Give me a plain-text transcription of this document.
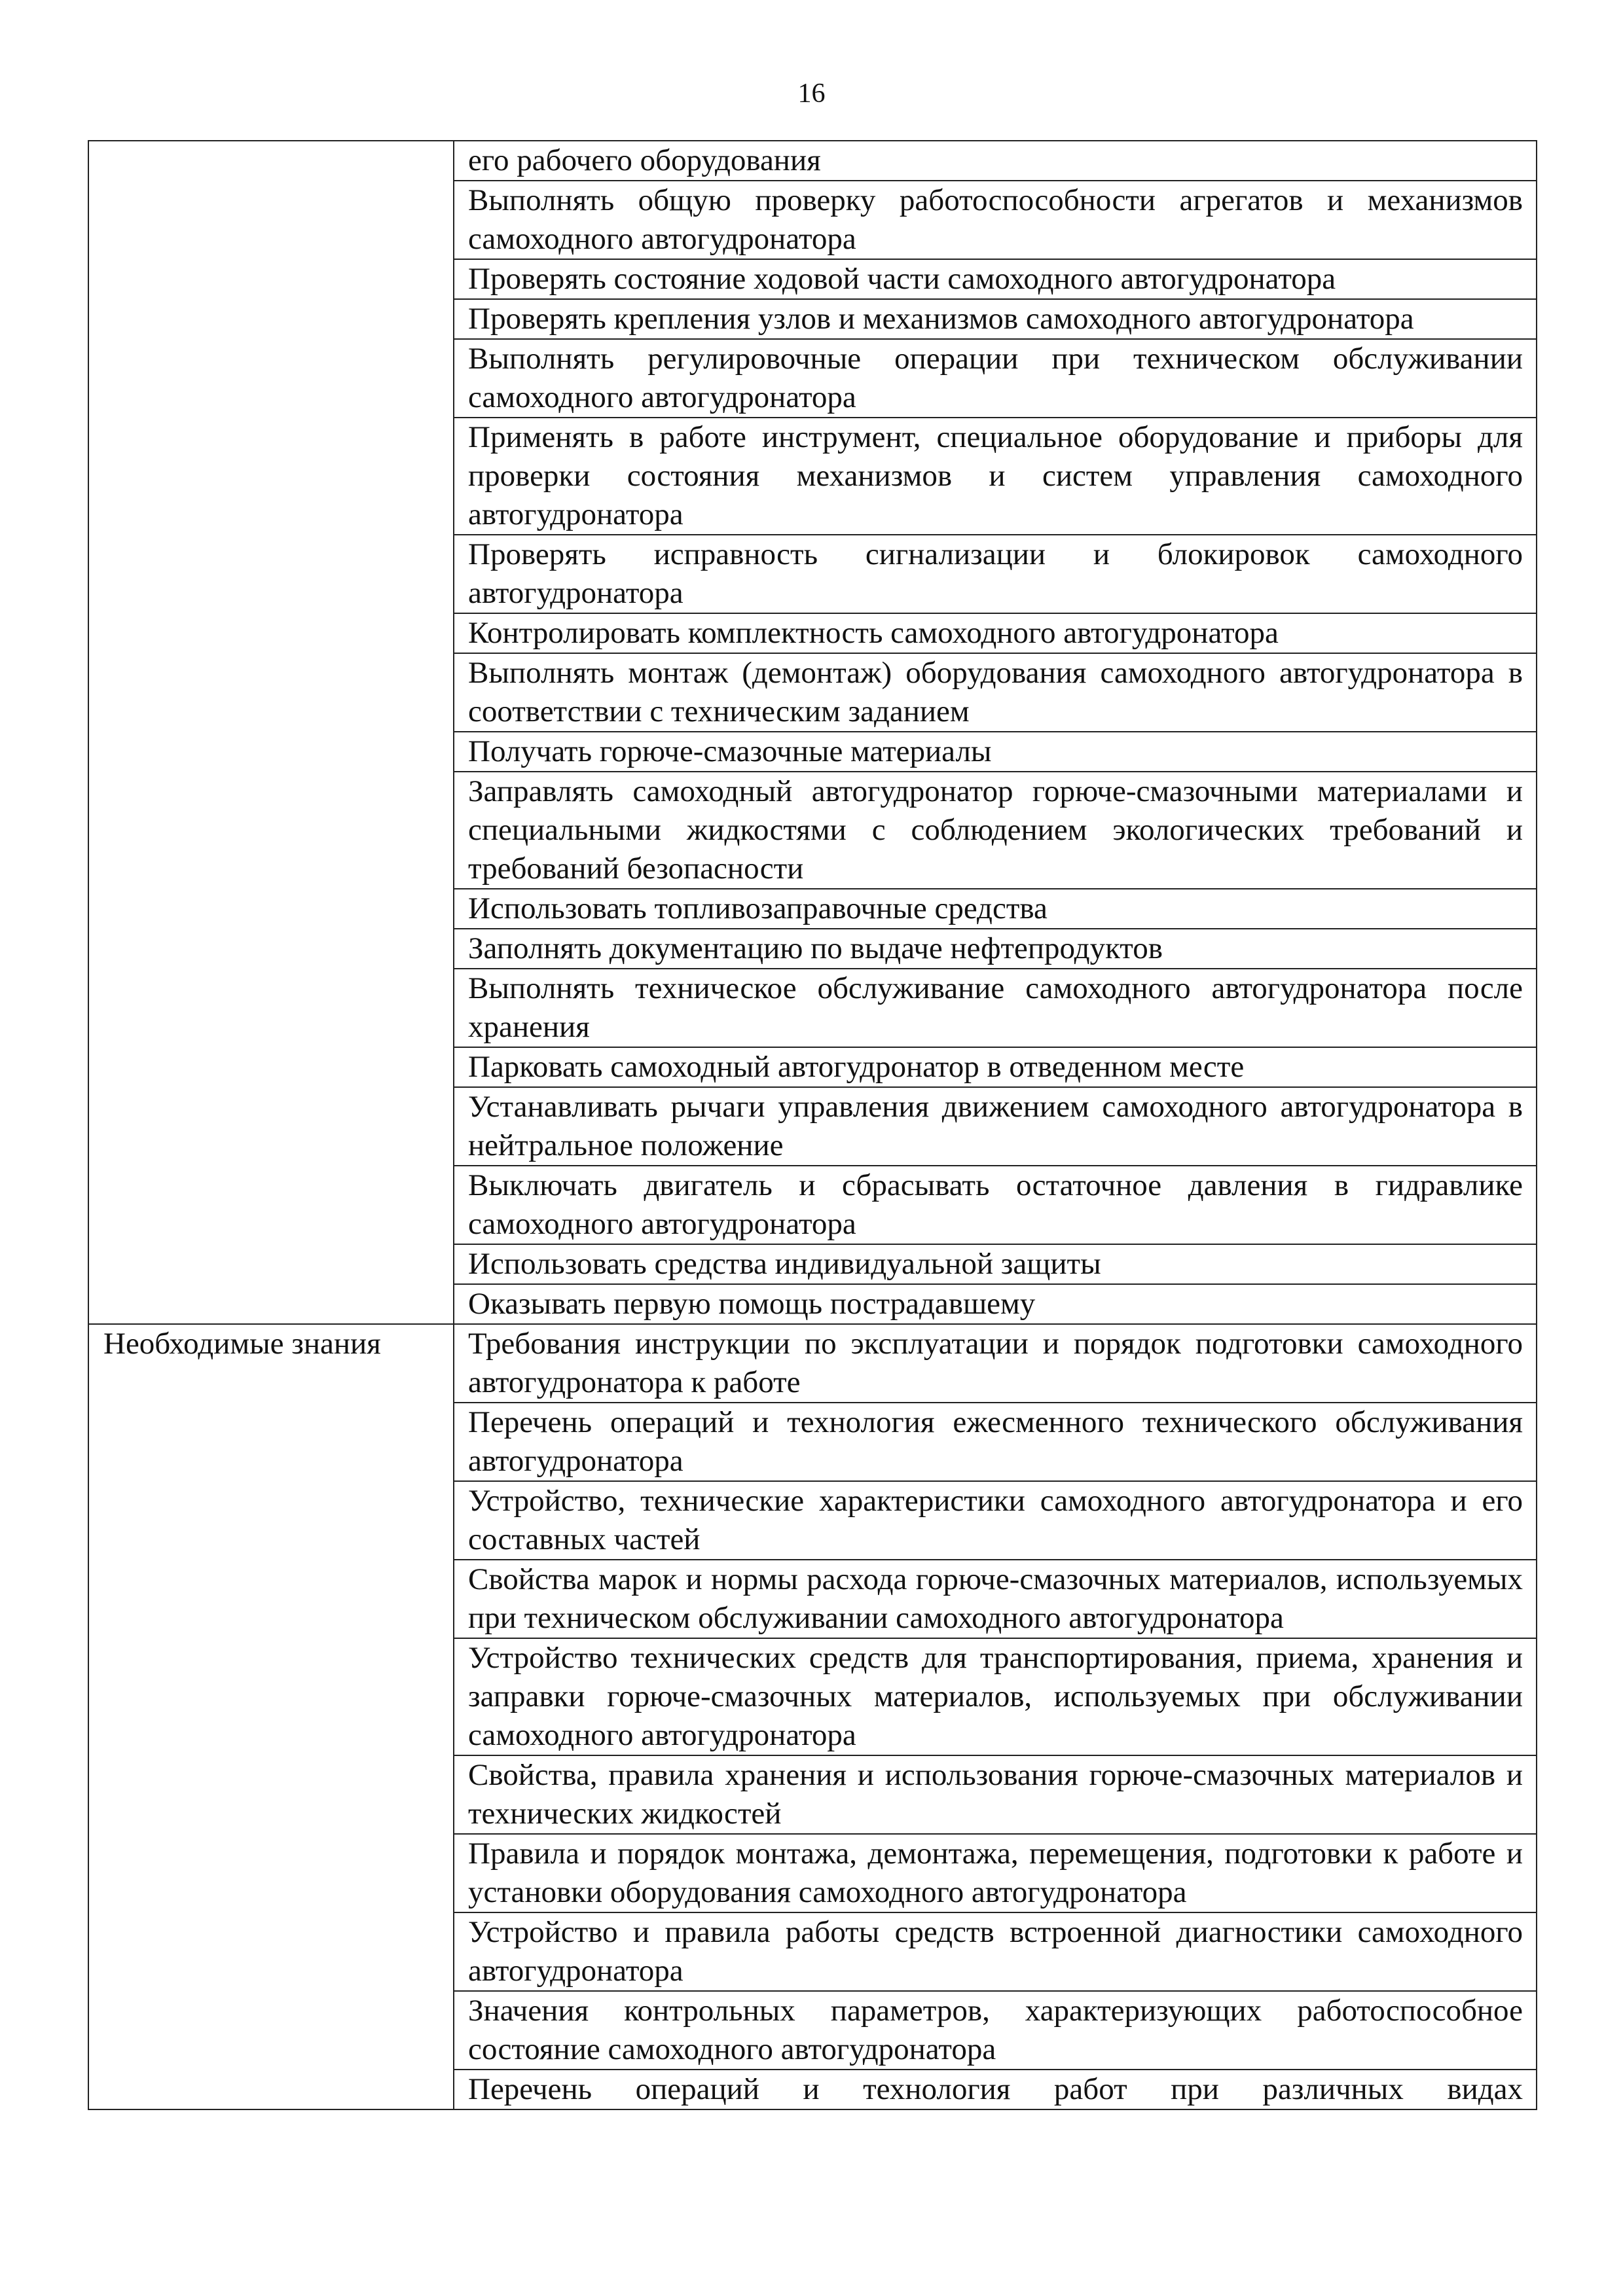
16
	его рабочего оборудования
	Выполнять общую проверку работоспособности агрегатов и механизмов самоходного автогудронатора
	Проверять состояние ходовой части самоходного автогудронатора
	Проверять крепления узлов и механизмов самоходного автогудронатора
	Выполнять регулировочные операции при техническом обслуживании самоходного автогудронатора
	Применять в работе инструмент, специальное оборудование и приборы для проверки состояния механизмов и систем управления самоходного автогудронатора
	Проверять исправность сигнализации и блокировок самоходного автогудронатора
	Контролировать комплектность самоходного автогудронатора
	Выполнять монтаж (демонтаж) оборудования самоходного автогудронатора в соответствии с техническим заданием
	Получать горюче-смазочные материалы
	Заправлять самоходный автогудронатор горюче-смазочными материалами и специальными жидкостями с соблюдением экологических требований и требований безопасности
	Использовать топливозаправочные средства
	Заполнять документацию по выдаче нефтепродуктов
	Выполнять техническое обслуживание самоходного автогудронатора после хранения
	Парковать самоходный автогудронатор в отведенном месте
	Устанавливать рычаги управления движением самоходного автогудронатора в нейтральное положение
	Выключать двигатель и сбрасывать остаточное давления в гидравлике самоходного автогудронатора
	Использовать средства индивидуальной защиты
	Оказывать первую помощь пострадавшему
Необходимые знания	Требования инструкции по эксплуатации и порядок подготовки самоходного автогудронатора к работе
	Перечень операций и технология ежесменного технического обслуживания автогудронатора
	Устройство, технические характеристики самоходного автогудронатора и его составных частей
	Свойства марок и нормы расхода горюче-смазочных материалов, используемых при техническом обслуживании самоходного автогудронатора
	Устройство технических средств для транспортирования, приема, хранения и заправки горюче-смазочных материалов, используемых при обслуживании самоходного автогудронатора
	Свойства, правила хранения и использования горюче-смазочных материалов и технических жидкостей
	Правила и порядок монтажа, демонтажа, перемещения, подготовки к работе и установки оборудования самоходного автогудронатора
	Устройство и правила работы средств встроенной диагностики самоходного автогудронатора
	Значения контрольных параметров, характеризующих работоспособное состояние самоходного автогудронатора
	Перечень операций и технология работ при различных видах
